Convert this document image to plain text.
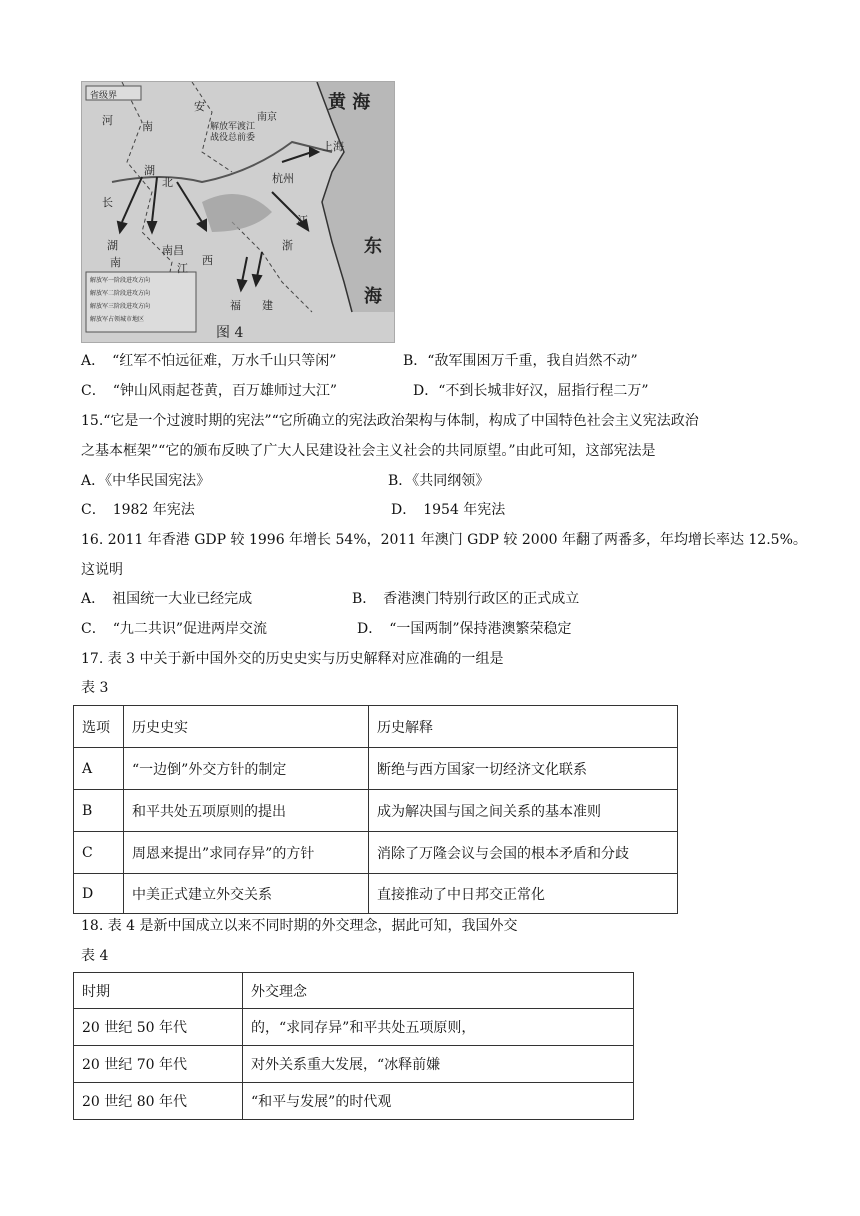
省级界
安
河	南
湖
北
长
湖
南	江
江
南昌
杭州
上海
福 建
浙
西
南京
解放军渡江 战役总前委
黄 海
东
海
解放军一阶段进攻方向
解放军二阶段进攻方向
解放军三阶段进攻方向
解放军占领城市地区
图 4
A．　“红军不怕远征难，万水千山只等闲”	B．“敌军围困万千重，我自岿然不动”
C．　“钟山风雨起苍黄，百万雄师过大江”	D．“不到长城非好汉，屈指行程二万”
15.“它是一个过渡时期的宪法”“它所确立的宪法政治架构与体制，构成了中国特色社会主义宪法政治
之基本框架”“它的颁布反映了广大人民建设社会主义社会的共同原望。”由此可知，这部宪法是
A．《中华民国宪法》	B．《共同纲领》
C．　1982 年宪法	D．　1954 年宪法
16. 2011 年香港 GDP 较 1996 年增长 54%，2011 年澳门 GDP 较 2000 年翻了两番多，年均增长率达 12.5%。
这说明
A．　祖国统一大业已经完成	B．　香港澳门特别行政区的正式成立
C．　“九二共识”促进两岸交流	D．　“一国两制”保持港澳繁荣稳定
17. 表 3 中关于新中国外交的历史史实与历史解释对应准确的一组是
表 3
选项	历史史实	历史解释
A	“一边倒”外交方针的制定	断绝与西方国家一切经济文化联系
B	和平共处五项原则的提出	成为解决国与国之间关系的基本准则
C	周恩来提出”求同存异”的方针	消除了万隆会议与会国的根本矛盾和分歧
D	中美正式建立外交关系	直接推动了中日邦交正常化
18. 表 4 是新中国成立以来不同时期的外交理念，据此可知，我国外交
表 4
时期	外交理念
20 世纪 50 年代	的，“求同存异”和平共处五项原则，
20 世纪 70 年代	对外关系重大发展，“冰释前嫌
20 世纪 80 年代	“和平与发展”的时代观
